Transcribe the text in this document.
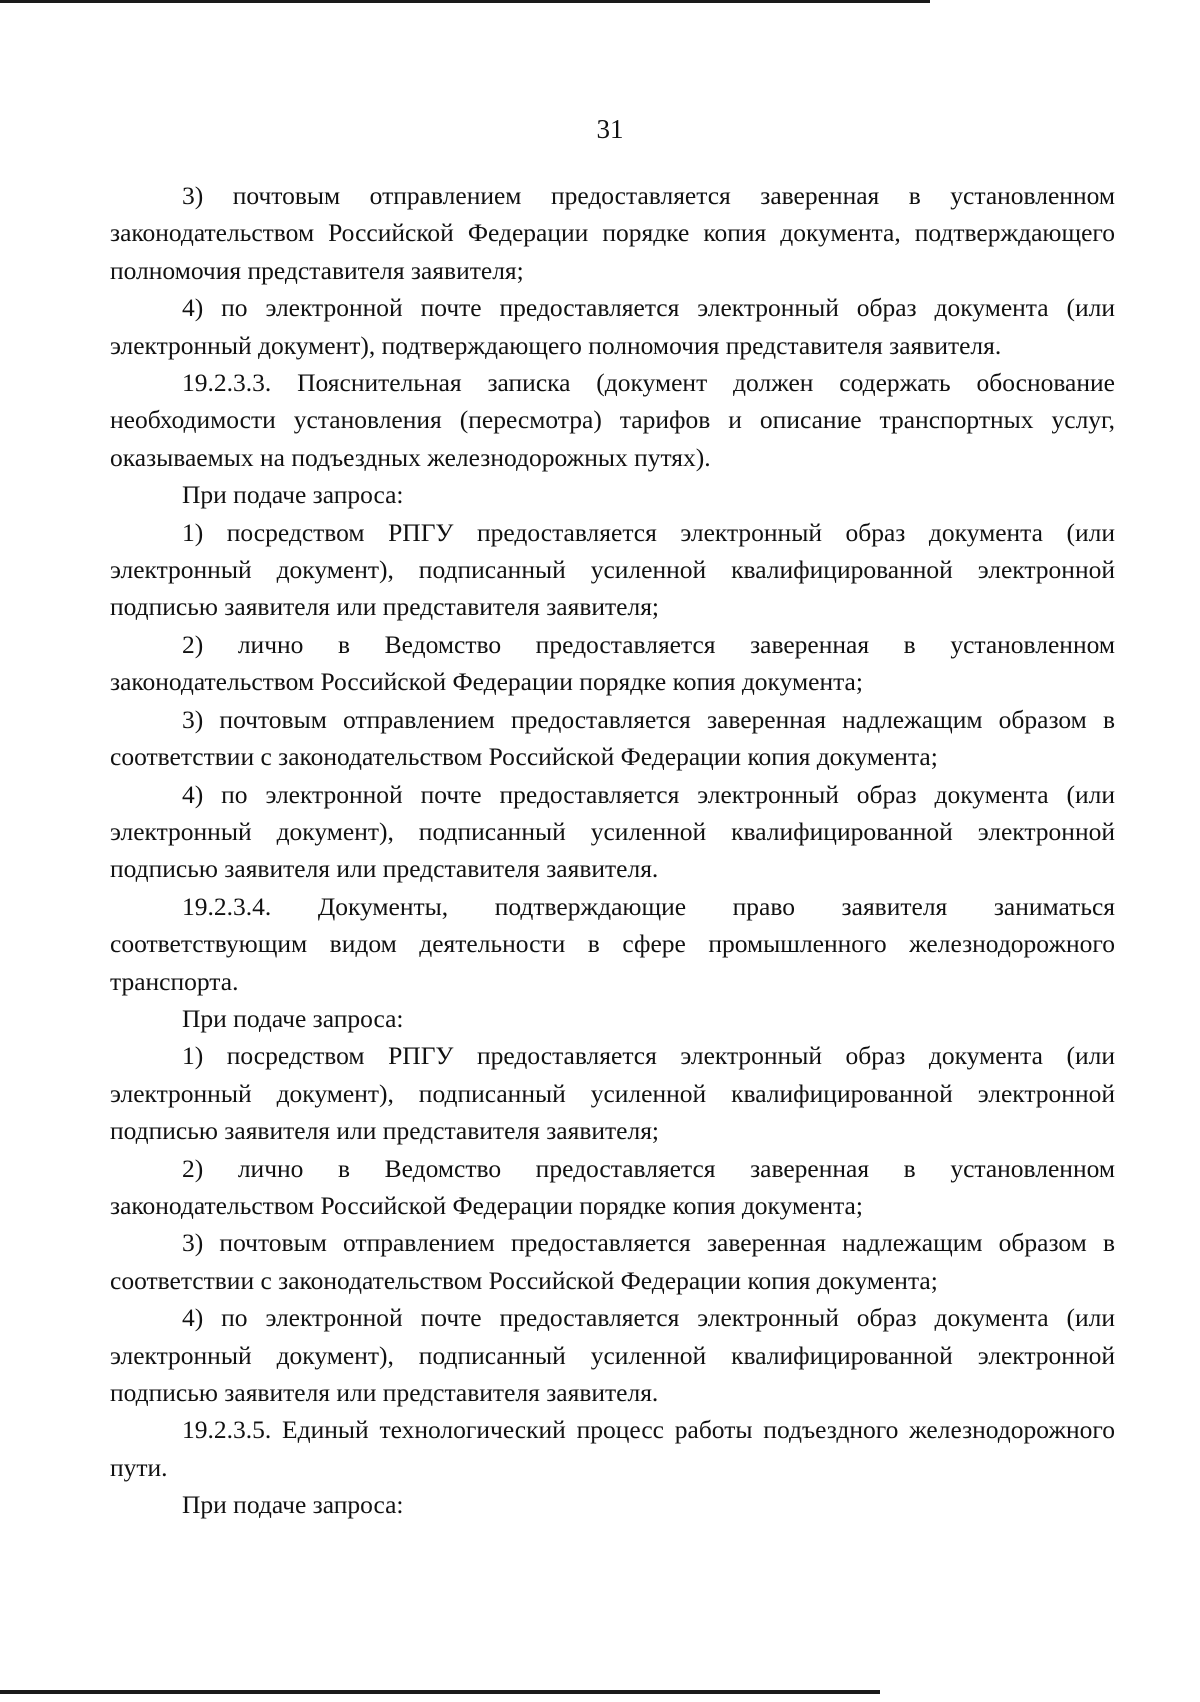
31

3) почтовым отправлением предоставляется заверенная в установленном законодательством Российской Федерации порядке копия документа, подтверждающего полномочия представителя заявителя;

4) по электронной почте предоставляется электронный образ документа (или электронный документ), подтверждающего полномочия представителя заявителя.

19.2.3.3. Пояснительная записка (документ должен содержать обоснование необходимости установления (пересмотра) тарифов и описание транспортных услуг, оказываемых на подъездных железнодорожных путях).

При подаче запроса:

1) посредством РПГУ предоставляется электронный образ документа (или электронный документ), подписанный усиленной квалифицированной электронной подписью заявителя или представителя заявителя;

2) лично в Ведомство предоставляется заверенная в установленном законодательством Российской Федерации порядке копия документа;

3) почтовым отправлением предоставляется заверенная надлежащим образом в соответствии с законодательством Российской Федерации копия документа;

4) по электронной почте предоставляется электронный образ документа (или электронный документ), подписанный усиленной квалифицированной электронной подписью заявителя или представителя заявителя.

19.2.3.4. Документы, подтверждающие право заявителя заниматься соответствующим видом деятельности в сфере промышленного железнодорожного транспорта.

При подаче запроса:

1) посредством РПГУ предоставляется электронный образ документа (или электронный документ), подписанный усиленной квалифицированной электронной подписью заявителя или представителя заявителя;

2) лично в Ведомство предоставляется заверенная в установленном законодательством Российской Федерации порядке копия документа;

3) почтовым отправлением предоставляется заверенная надлежащим образом в соответствии с законодательством Российской Федерации копия документа;

4) по электронной почте предоставляется электронный образ документа (или электронный документ), подписанный усиленной квалифицированной электронной подписью заявителя или представителя заявителя.

19.2.3.5. Единый технологический процесс работы подъездного железнодорожного пути.

При подаче запроса:
